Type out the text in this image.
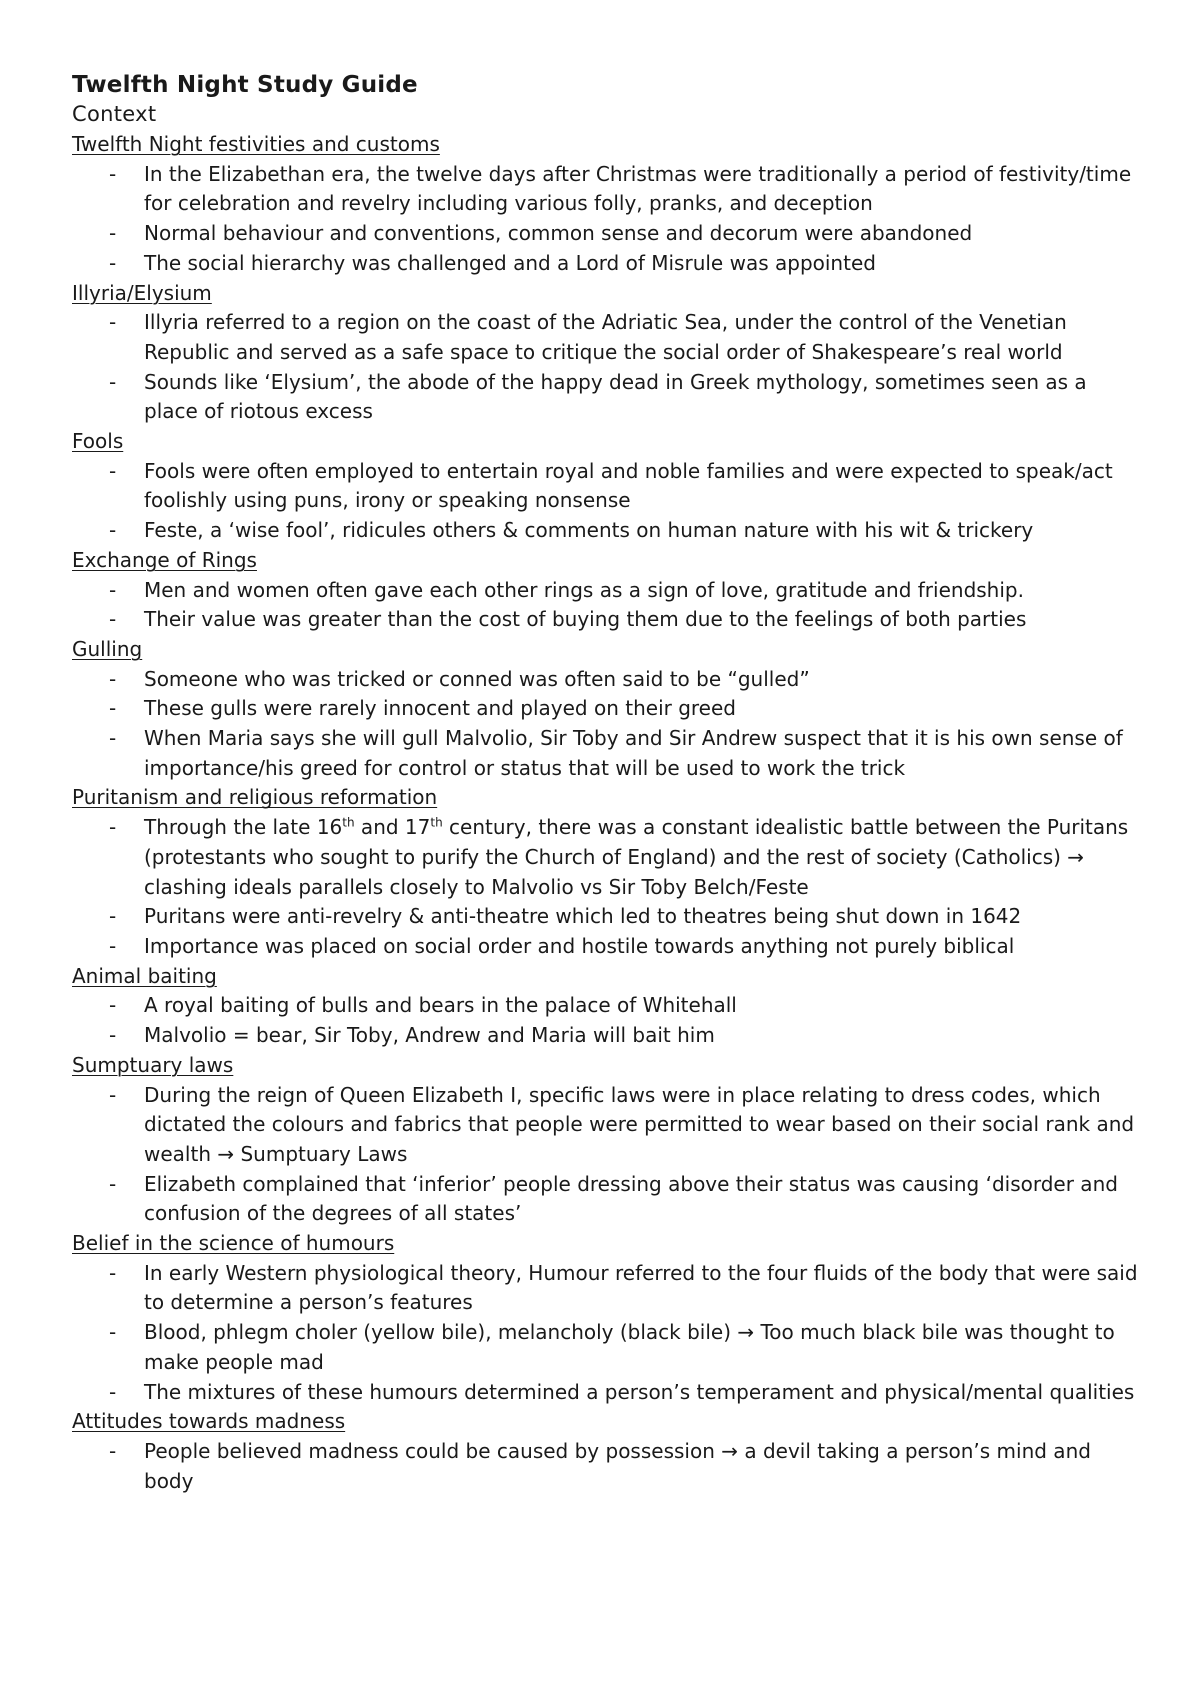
Twelfth Night Study Guide
Context
Twelfth Night festivities and customs
- In the Elizabethan era, the twelve days after Christmas were traditionally a period of festivity/time for celebration and revelry including various folly, pranks, and deception
- Normal behaviour and conventions, common sense and decorum were abandoned
- The social hierarchy was challenged and a Lord of Misrule was appointed
Illyria/Elysium
- Illyria referred to a region on the coast of the Adriatic Sea, under the control of the Venetian Republic and served as a safe space to critique the social order of Shakespeare’s real world
- Sounds like ‘Elysium’, the abode of the happy dead in Greek mythology, sometimes seen as a place of riotous excess
Fools
- Fools were often employed to entertain royal and noble families and were expected to speak/act foolishly using puns, irony or speaking nonsense
- Feste, a ‘wise fool’, ridicules others & comments on human nature with his wit & trickery
Exchange of Rings
- Men and women often gave each other rings as a sign of love, gratitude and friendship.
- Their value was greater than the cost of buying them due to the feelings of both parties
Gulling
- Someone who was tricked or conned was often said to be “gulled”
- These gulls were rarely innocent and played on their greed
- When Maria says she will gull Malvolio, Sir Toby and Sir Andrew suspect that it is his own sense of importance/his greed for control or status that will be used to work the trick
Puritanism and religious reformation
- Through the late 16th and 17th century, there was a constant idealistic battle between the Puritans (protestants who sought to purify the Church of England) and the rest of society (Catholics) → clashing ideals parallels closely to Malvolio vs Sir Toby Belch/Feste
- Puritans were anti-revelry & anti-theatre which led to theatres being shut down in 1642
- Importance was placed on social order and hostile towards anything not purely biblical
Animal baiting
- A royal baiting of bulls and bears in the palace of Whitehall
- Malvolio = bear, Sir Toby, Andrew and Maria will bait him
Sumptuary laws
- During the reign of Queen Elizabeth I, specific laws were in place relating to dress codes, which dictated the colours and fabrics that people were permitted to wear based on their social rank and wealth → Sumptuary Laws
- Elizabeth complained that ‘inferior’ people dressing above their status was causing ‘disorder and confusion of the degrees of all states’
Belief in the science of humours
- In early Western physiological theory, Humour referred to the four fluids of the body that were said to determine a person’s features
- Blood, phlegm choler (yellow bile), melancholy (black bile) → Too much black bile was thought to make people mad
- The mixtures of these humours determined a person’s temperament and physical/mental qualities
Attitudes towards madness
- People believed madness could be caused by possession → a devil taking a person’s mind and body
